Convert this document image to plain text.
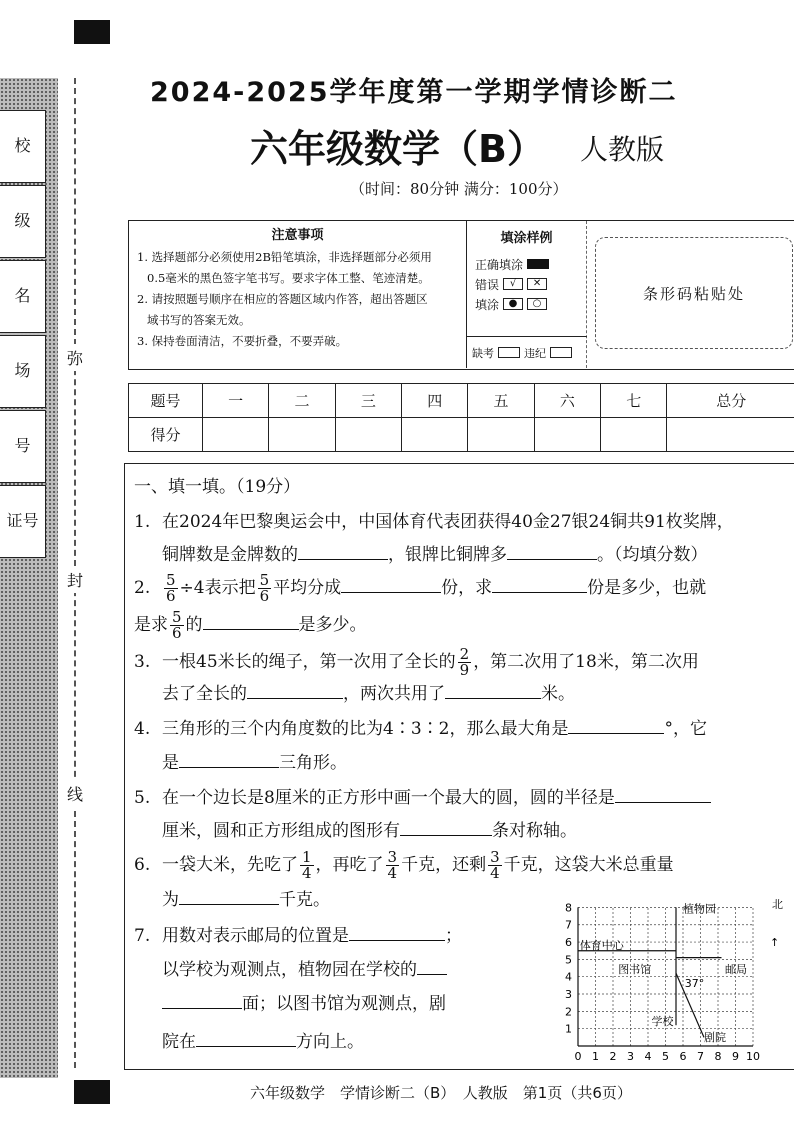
校
级
名
场
号
证号
弥
封
线
2024-2025学年度第一学期学情诊断二
六年级数学（B） 人教版
（时间：80分钟 满分：100分）
注意事项
1. 选择题部分必须使用2B铅笔填涂，非选择题部分必须用
0.5毫米的黑色签字笔书写。要求字体工整、笔迹清楚。
2. 请按照题号顺序在相应的答题区域内作答，超出答题区
域书写的答案无效。
3. 保持卷面清洁，不要折叠，不要弄破。
填涂样例
正确填涂
错误	√	✕
填涂 ●	○
缺考	违纪
条形码粘贴处
题号	一	二	三	四	五	六	七	总分
得分								
一、填一填。（19分）
1. 在2024年巴黎奥运会中，中国体育代表团获得40金27银24铜共91枚奖牌，
铜牌数是金牌数的	，银牌比铜牌多	。（均填分数）
2. $\frac{5}{6} \div 4$表示把 $\frac{5}{6}$ 平均分成	份，求	份是多少，也就
是求 $\frac{5}{6}$ 的	是多少。
3. 一根45米长的绳子，第一次用了全长的 $\frac{2}{9}$ ，第二次用了18米，第二次用
去了全长的	，两次共用了	米。
4. 三角形的三个内角度数的比为4∶3∶2，那么最大角是	°，它
是	三角形。
5. 在一个边长是8厘米的正方形中画一个最大的圆，圆的半径是
厘米，圆和正方形组成的图形有	条对称轴。
6. 一袋大米，先吃了 $\frac{1}{4}$ ，再吃了 $\frac{3}{4}$ 千克，还剩 $\frac{3}{4}$ 千克，这袋大米总重量
为	千克。
7. 用数对表示邮局的位置是	；
以学校为观测点，植物园在学校的
面；以图书馆为观测点，剧
院在	方向上。
0 1 2 3 4 5 6 7 8 9 10
1
2
3
4
5
6
7
8	植物园
体育中心
图书馆	邮局
37°
学校
剧院
北
↑
六年级数学　学情诊断二（B）　人教版　第1页（共6页）
